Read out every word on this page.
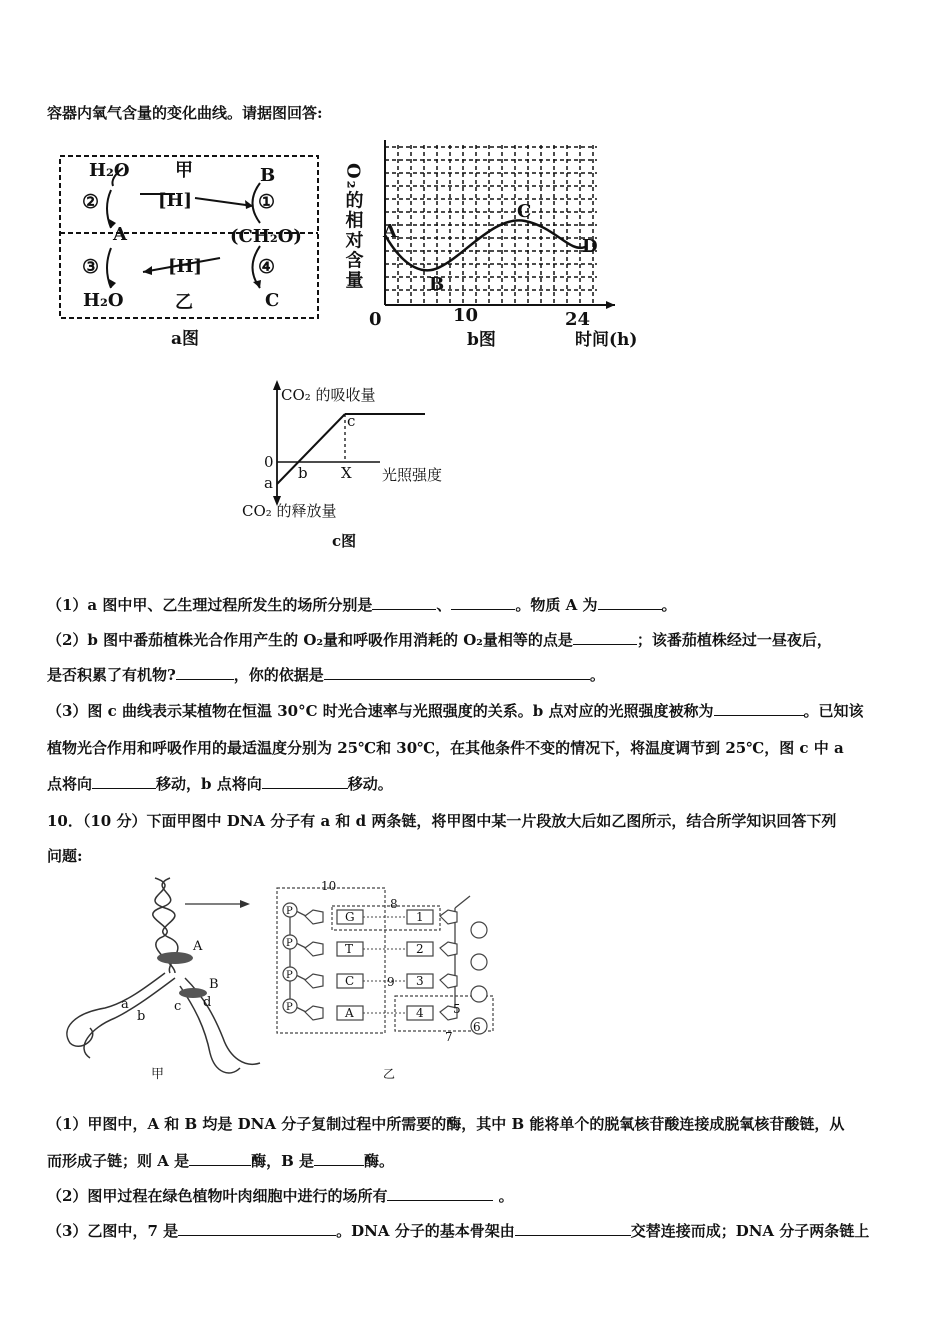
容器内氧气含量的变化曲线。请据图回答:
H₂O	甲	B
②	[H]	①
A	(CH₂O)
③	[H]	④
H₂O	乙	C
a图
O₂的相对含量 A
B
C
D
0	10	24
b图	时间(h)
CO₂ 的吸收量
0
a
b
c
X 光照强度
CO₂ 的释放量
c图
（1）a 图中甲、乙生理过程所发生的场所分别是	、	。物质 A 为	。
（2）b 图中番茄植株光合作用产生的 O₂量和呼吸作用消耗的 O₂量相等的点是	；该番茄植株经过一昼夜后，
是否积累了有机物?	，你的依据是	。
（3）图 c 曲线表示某植物在恒温 30°C 时光合速率与光照强度的关系。b 点对应的光照强度被称为	。已知该
植物光合作用和呼吸作用的最适温度分别为 25℃和 30℃，在其他条件不变的情况下，将温度调节到 25℃，图 c 中 a
点将向	移动，b 点将向	移动。
10．（10 分）下面甲图中 DNA 分子有 a 和 d 两条链，将甲图中某一片段放大后如乙图所示，结合所学知识回答下列
问题:
A
B
a
b
c d
甲
P	G	1
P	T	2
P	C	3
P	A	4
10
8
9
7
5
6
乙
（1）甲图中，A 和 B 均是 DNA 分子复制过程中所需要的酶，其中 B 能将单个的脱氧核苷酸连接成脱氧核苷酸链，从
而形成子链；则 A 是	酶，B 是	酶。
（2）图甲过程在绿色植物叶肉细胞中进行的场所有	。
（3）乙图中，7 是	。DNA 分子的基本骨架由	交替连接而成；DNA 分子两条链上
